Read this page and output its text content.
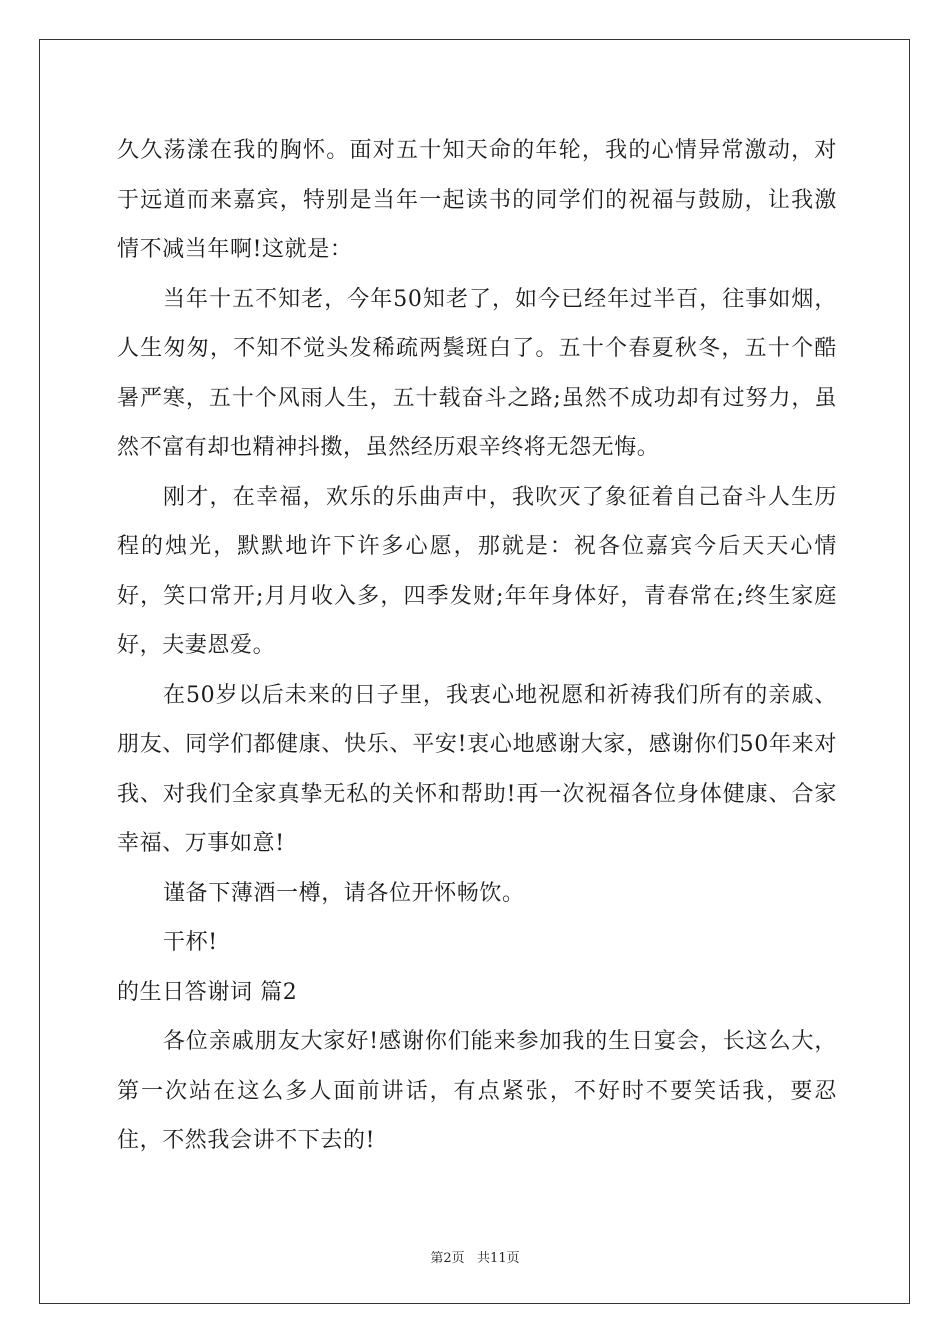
久久荡漾在我的胸怀。面对五十知天命的年轮，我的心情异常激动，对于远道而来嘉宾，特别是当年一起读书的同学们的祝福与鼓励，让我激情不减当年啊!这就是：

当年十五不知老，今年50知老了，如今已经年过半百，往事如烟，人生匆匆，不知不觉头发稀疏两鬓斑白了。五十个春夏秋冬，五十个酷暑严寒，五十个风雨人生，五十载奋斗之路;虽然不成功却有过努力，虽然不富有却也精神抖擞，虽然经历艰辛终将无怨无悔。

刚才，在幸福，欢乐的乐曲声中，我吹灭了象征着自己奋斗人生历程的烛光，默默地许下许多心愿，那就是：祝各位嘉宾今后天天心情好，笑口常开;月月收入多，四季发财;年年身体好，青春常在;终生家庭好，夫妻恩爱。

在50岁以后未来的日子里，我衷心地祝愿和祈祷我们所有的亲戚、朋友、同学们都健康、快乐、平安!衷心地感谢大家，感谢你们50年来对我、对我们全家真挚无私的关怀和帮助!再一次祝福各位身体健康、合家幸福、万事如意!

谨备下薄酒一樽，请各位开怀畅饮。

干杯!

的生日答谢词 篇2

各位亲戚朋友大家好!感谢你们能来参加我的生日宴会，长这么大，第一次站在这么多人面前讲话，有点紧张，不好时不要笑话我，要忍住，不然我会讲不下去的!

第2页   共11页
